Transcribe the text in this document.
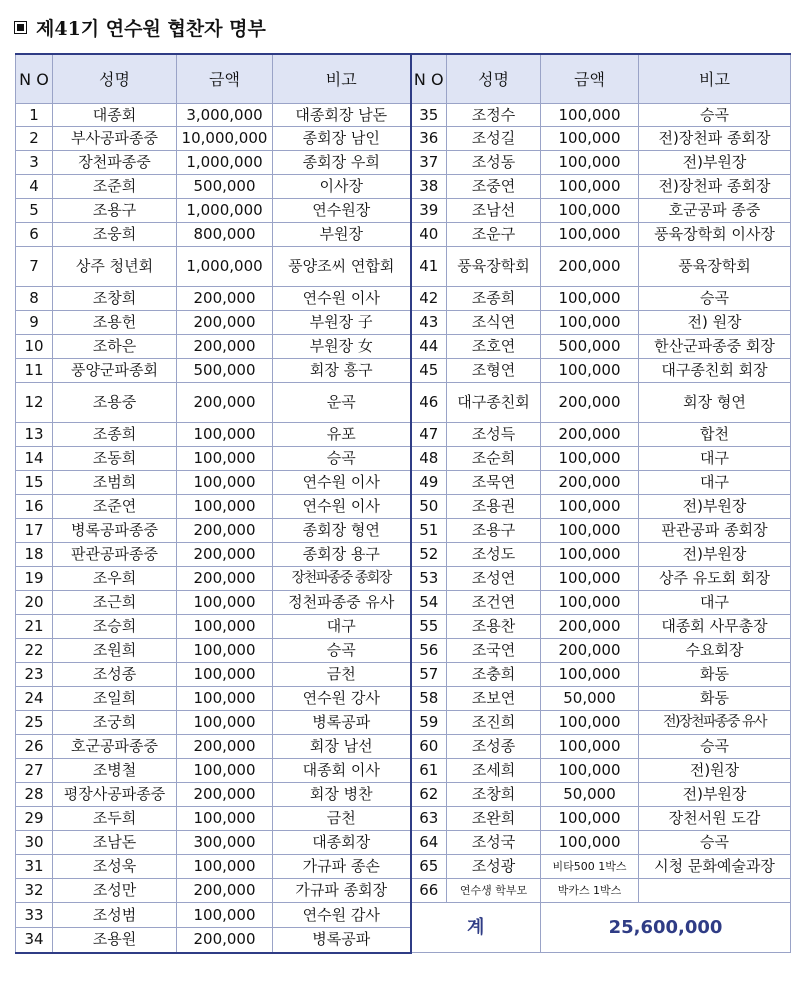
제41기 연수원 협찬자 명부
N O	성명	금액	비고	N O	성명	금액	비고
1	대종회	3,000,000	대종회장 남돈	35	조정수	100,000	승곡
2	부사공파종중	10,000,000	종회장 남인	36	조성길	100,000	전)장천파 종회장
3	장천파종중	1,000,000	종회장 우희	37	조성동	100,000	전)부원장
4	조준희	500,000	이사장	38	조중연	100,000	전)장천파 종회장
5	조용구	1,000,000	연수원장	39	조남선	100,000	호군공파 종중
6	조웅희	800,000	부원장	40	조운구	100,000	풍육장학회 이사장
7	상주 청년회	1,000,000	풍양조씨 연합회	41	풍육장학회	200,000	풍육장학회
8	조창희	200,000	연수원 이사	42	조종희	100,000	승곡
9	조용헌	200,000	부원장 子	43	조식연	100,000	전) 원장
10	조하은	200,000	부원장 女	44	조호연	500,000	한산군파종중 회장
11	풍양군파종회	500,000	회장 흥구	45	조형연	100,000	대구종친회 회장
12	조용중	200,000	운곡	46	대구종친회	200,000	회장 형연
13	조종희	100,000	유포	47	조성득	200,000	합천
14	조동희	100,000	승곡	48	조순희	100,000	대구
15	조범희	100,000	연수원 이사	49	조묵연	200,000	대구
16	조준연	100,000	연수원 이사	50	조용권	100,000	전)부원장
17	병록공파종중	200,000	종회장 형연	51	조용구	100,000	판관공파 종회장
18	판관공파종중	200,000	종회장 용구	52	조성도	100,000	전)부원장
19	조우희	200,000	장천파종중 종회장	53	조성연	100,000	상주 유도회 회장
20	조근희	100,000	정천파종중 유사	54	조건연	100,000	대구
21	조승희	100,000	대구	55	조용찬	200,000	대종회 사무총장
22	조원희	100,000	승곡	56	조국연	200,000	수요회장
23	조성종	100,000	금천	57	조충희	100,000	화동
24	조일희	100,000	연수원 강사	58	조보연	50,000	화동
25	조궁희	100,000	병록공파	59	조진희	100,000	전)장천파종중 유사
26	호군공파종중	200,000	회장 남선	60	조성종	100,000	승곡
27	조병철	100,000	대종회 이사	61	조세희	100,000	전)원장
28	평장사공파종중	200,000	회장 병찬	62	조창희	50,000	전)부원장
29	조두희	100,000	금천	63	조완희	100,000	장천서원 도감
30	조남돈	300,000	대종회장	64	조성국	100,000	승곡
31	조성욱	100,000	가규파 종손	65	조성광	비타500 1박스	시청 문화예술과장
32	조성만	200,000	가규파 종회장	66	연수생 학부모	박카스 1박스	
33	조성범	100,000	연수원 감사	계		25,600,000	
34	조용원	200,000	병록공파				
